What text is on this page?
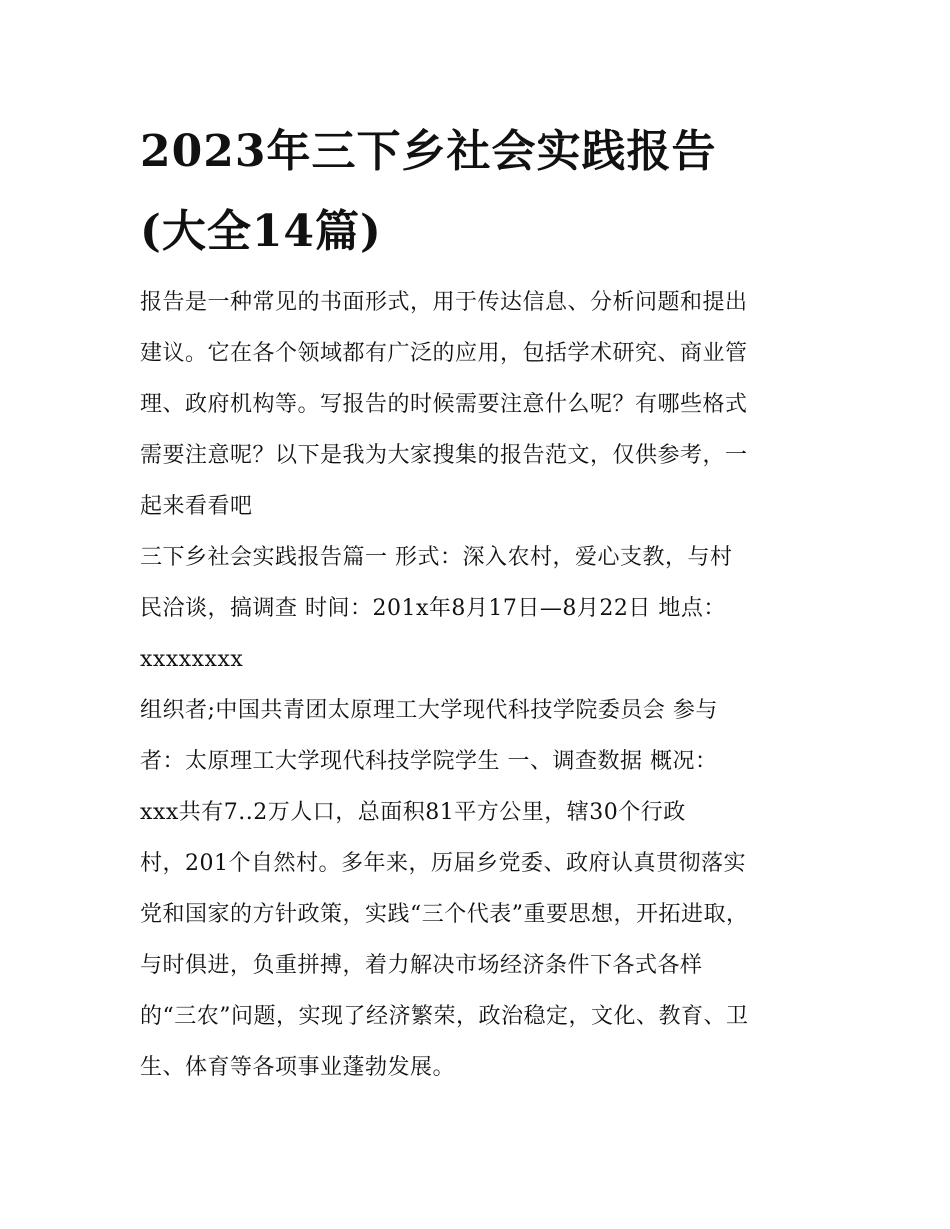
2023年三下乡社会实践报告
(大全14篇)
报告是一种常见的书面形式，用于传达信息、分析问题和提出
建议。它在各个领域都有广泛的应用，包括学术研究、商业管
理、政府机构等。写报告的时候需要注意什么呢？有哪些格式
需要注意呢？以下是我为大家搜集的报告范文，仅供参考，一
起来看看吧
三下乡社会实践报告篇一 形式：深入农村，爱心支教，与村
民洽谈，搞调查 时间：201x年8月17日—8月22日 地点：
xxxxxxxx
组织者;中国共青团太原理工大学现代科技学院委员会 参与
者：太原理工大学现代科技学院学生 一、调查数据 概况：
xxx共有7..2万人口，总面积81平方公里，辖30个行政
村，201个自然村。多年来，历届乡党委、政府认真贯彻落实
党和国家的方针政策，实践“三个代表”重要思想，开拓进取，
与时俱进，负重拼搏，着力解决市场经济条件下各式各样
的“三农”问题，实现了经济繁荣，政治稳定，文化、教育、卫
生、体育等各项事业蓬勃发展。
